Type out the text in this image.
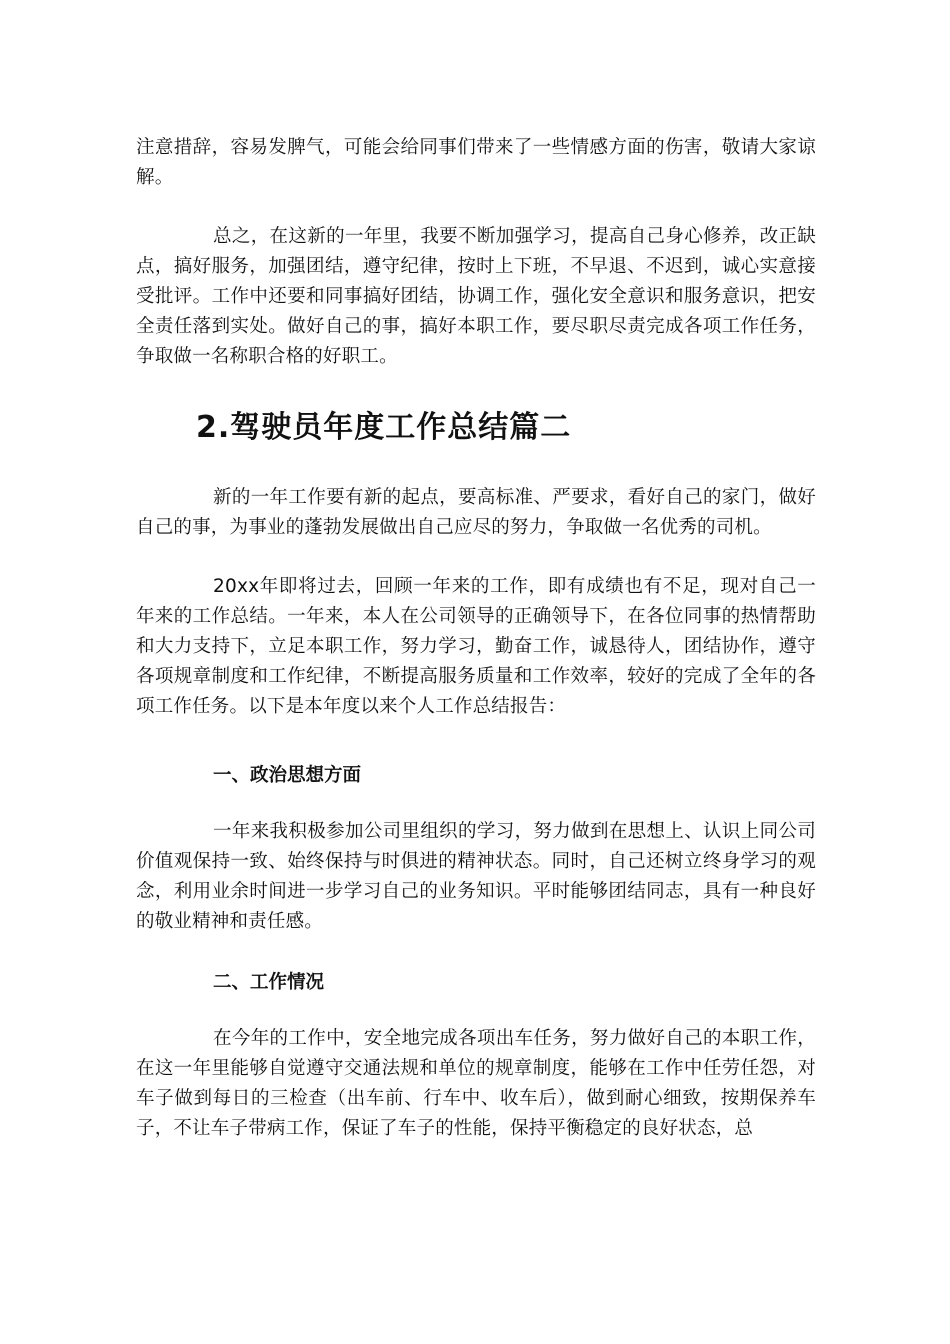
注意措辞，容易发脾气，可能会给同事们带来了一些情感方面的伤害，敬请大家谅解。

总之，在这新的一年里，我要不断加强学习，提高自己身心修养，改正缺点，搞好服务，加强团结，遵守纪律，按时上下班，不早退、不迟到，诚心实意接受批评。工作中还要和同事搞好团结，协调工作，强化安全意识和服务意识，把安全责任落到实处。做好自己的事，搞好本职工作，要尽职尽责完成各项工作任务，争取做一名称职合格的好职工。

2.驾驶员年度工作总结篇二

新的一年工作要有新的起点，要高标准、严要求，看好自己的家门，做好自己的事，为事业的蓬勃发展做出自己应尽的努力，争取做一名优秀的司机。

20xx年即将过去，回顾一年来的工作，即有成绩也有不足，现对自己一年来的工作总结。一年来，本人在公司领导的正确领导下，在各位同事的热情帮助和大力支持下，立足本职工作，努力学习，勤奋工作，诚恳待人，团结协作，遵守各项规章制度和工作纪律，不断提高服务质量和工作效率，较好的完成了全年的各项工作任务。以下是本年度以来个人工作总结报告：

一、政治思想方面

一年来我积极参加公司里组织的学习，努力做到在思想上、认识上同公司价值观保持一致、始终保持与时俱进的精神状态。同时，自己还树立终身学习的观念，利用业余时间进一步学习自己的业务知识。平时能够团结同志，具有一种良好的敬业精神和责任感。

二、工作情况

在今年的工作中，安全地完成各项出车任务，努力做好自己的本职工作，在这一年里能够自觉遵守交通法规和单位的规章制度，能够在工作中任劳任怨，对车子做到每日的三检查（出车前、行车中、收车后），做到耐心细致，按期保养车子，不让车子带病工作，保证了车子的性能，保持平衡稳定的良好状态，总
